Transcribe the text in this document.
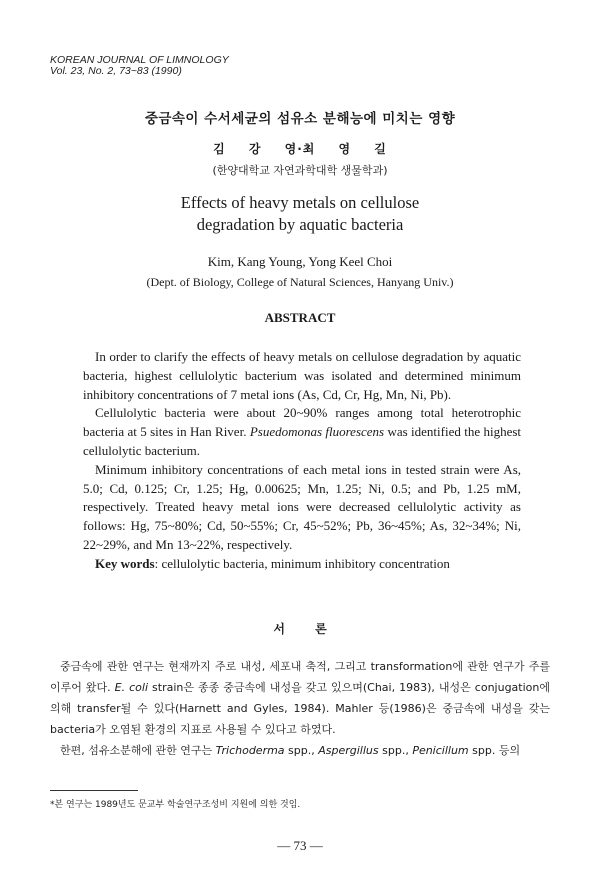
KOREAN JOURNAL OF LIMNOLOGY
Vol. 23, No. 2, 73~83 (1990)
중금속이 수서세균의 섬유소 분해능에 미치는 영향
김 강 영·최 영 길
(한양대학교 자연과학대학 생물학과)
Effects of heavy metals on cellulose
degradation by aquatic bacteria
Kim, Kang Young, Yong Keel Choi
(Dept. of Biology, College of Natural Sciences, Hanyang Univ.)
ABSTRACT

In order to clarify the effects of heavy metals on cellulose degradation by aquatic bacteria, highest cellulolytic bacterium was isolated and determined minimum inhibitory concentrations of 7 metal ions (As, Cd, Cr, Hg, Mn, Ni, Pb).

Cellulolytic bacteria were about 20~90% ranges among total heterotrophic bacteria at 5 sites in Han River. Psuedomonas fluorescens was identified the highest cellulolytic bacterium.

Minimum inhibitory concentrations of each metal ions in tested strain were As, 5.0; Cd, 0.125; Cr, 1.25; Hg, 0.00625; Mn, 1.25; Ni, 0.5; and Pb, 1.25 mM, respectively. Treated heavy metal ions were decreased cellulolytic activity as follows: Hg, 75~80%; Cd, 50~55%; Cr, 45~52%; Pb, 36~45%; As, 32~34%; Ni, 22~29%, and Mn 13~22%, respectively.

Key words: cellulolytic bacteria, minimum inhibitory concentration

서 론

중금속에 관한 연구는 현재까지 주로 내성, 세포내 축적, 그리고 transformation에 관한 연구가 주를 이루어 왔다. E. coli strain은 종종 중금속에 내성을 갖고 있으며(Chai, 1983), 내성은 conjugation에 의해 transfer될 수 있다(Harnett and Gyles, 1984). Mahler 등(1986)은 중금속에 내성을 갖는 bacteria가 오염된 환경의 지표로 사용될 수 있다고 하였다.

한편, 섬유소분해에 관한 연구는 Trichoderma spp., Aspergillus spp., Penicillum spp. 등의

*본 연구는 1989년도 문교부 학술연구조성비 지원에 의한 것임.
— 73 —
